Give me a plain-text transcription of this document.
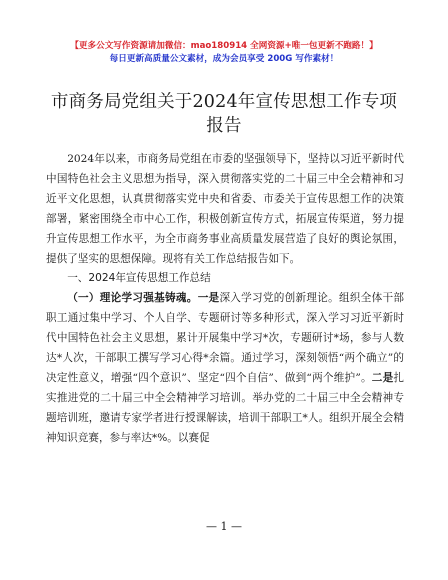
【更多公文写作资源请加微信：mao180914 全网资源+唯一包更新不跑路！】
每日更新高质量公文素材，成为会员享受 200G 写作素材！
市商务局党组关于2024年宣传思想工作专项报告

2024年以来，市商务局党组在市委的坚强领导下，坚持以习近平新时代中国特色社会主义思想为指导，深入贯彻落实党的二十届三中全会精神和习近平文化思想，认真贯彻落实党中央和省委、市委关于宣传思想工作的决策部署，紧密围绕全市中心工作，积极创新宣传方式，拓展宣传渠道，努力提升宣传思想工作水平，为全市商务事业高质量发展营造了良好的舆论氛围，提供了坚实的思想保障。现将有关工作总结报告如下。

一、2024年宣传思想工作总结

（一）理论学习强基铸魂。一是深入学习党的创新理论。组织全体干部职工通过集中学习、个人自学、专题研讨等多种形式，深入学习习近平新时代中国特色社会主义思想，累计开展集中学习*次，专题研讨*场，参与人数达*人次，干部职工撰写学习心得*余篇。通过学习，深刻领悟“两个确立”的决定性意义，增强“四个意识”、坚定“四个自信”、做到“两个维护”。二是扎实推进党的二十届三中全会精神学习培训。举办党的二十届三中全会精神专题培训班，邀请专家学者进行授课解读，培训干部职工*人。组织开展全会精神知识竞赛，参与率达*%。以赛促

— 1 —
